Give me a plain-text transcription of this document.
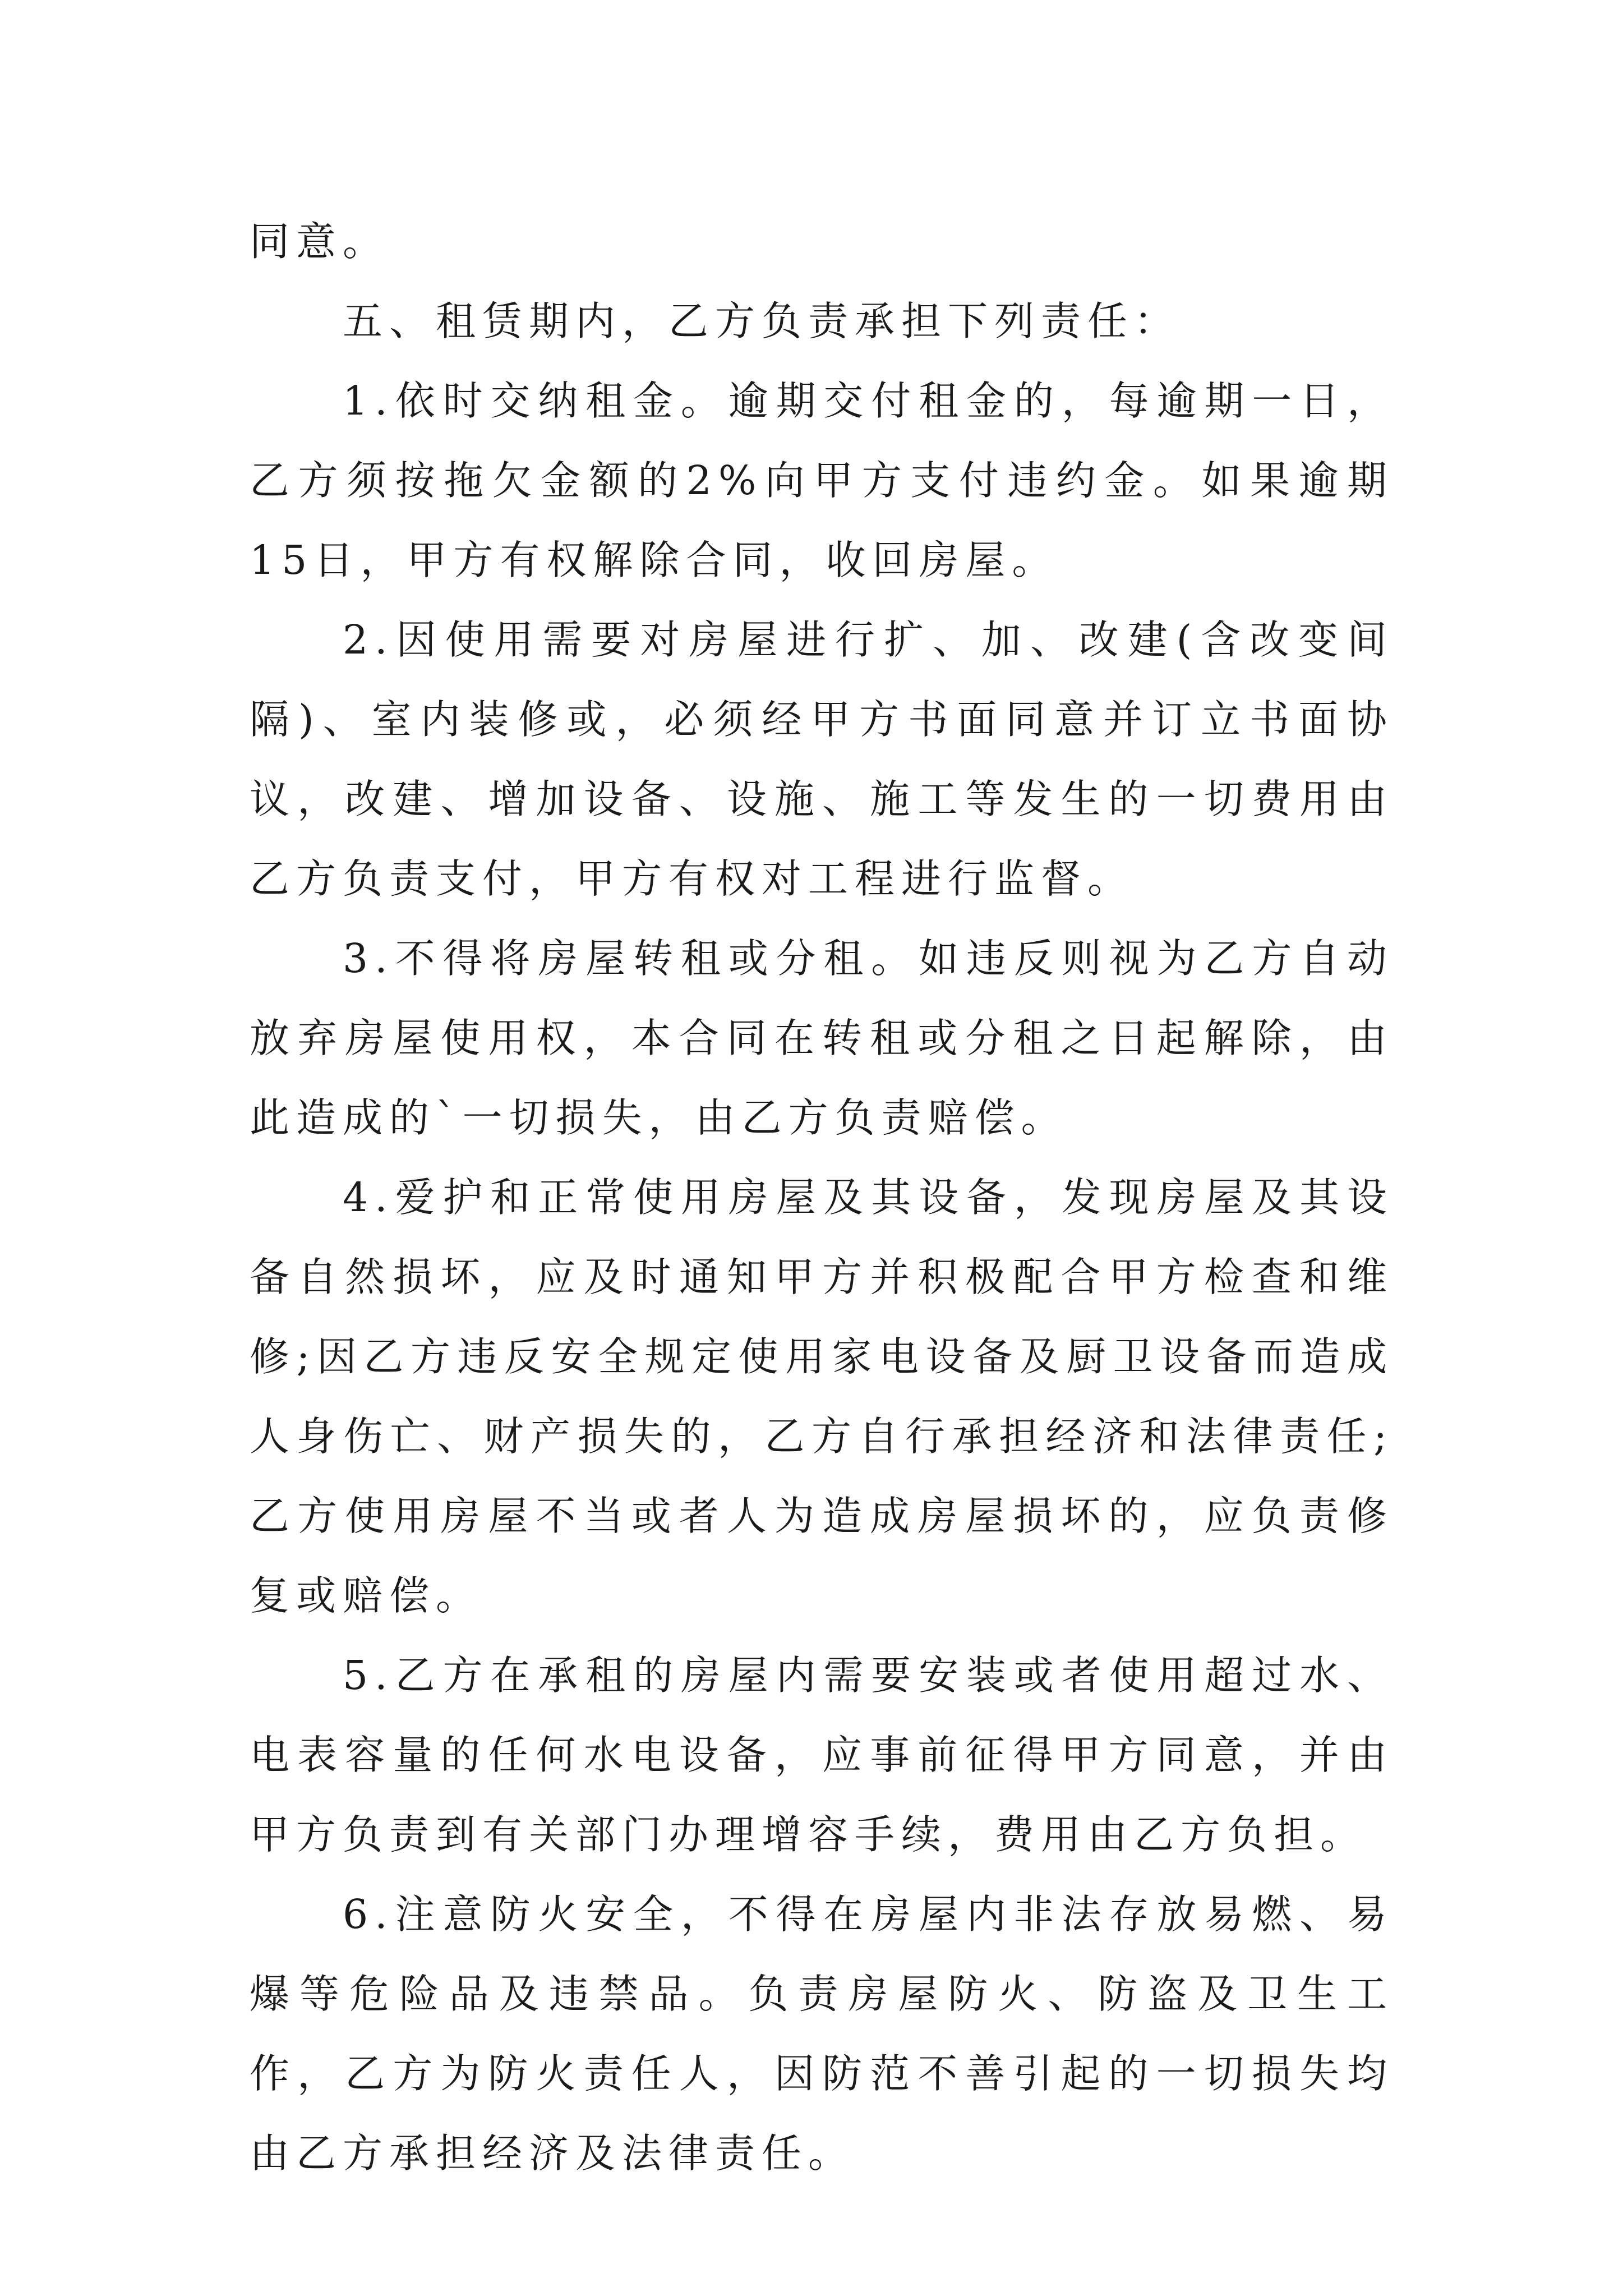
同意。

五、租赁期内，乙方负责承担下列责任：

1.依时交纳租金。逾期交付租金的，每逾期一日，乙方须按拖欠金额的2%向甲方支付违约金。如果逾期15日，甲方有权解除合同，收回房屋。

2.因使用需要对房屋进行扩、加、改建(含改变间隔)、室内装修或，必须经甲方书面同意并订立书面协议，改建、增加设备、设施、施工等发生的一切费用由乙方负责支付，甲方有权对工程进行监督。

3.不得将房屋转租或分租。如违反则视为乙方自动放弃房屋使用权，本合同在转租或分租之日起解除，由此造成的`一切损失，由乙方负责赔偿。

4.爱护和正常使用房屋及其设备，发现房屋及其设备自然损坏，应及时通知甲方并积极配合甲方检查和维修;因乙方违反安全规定使用家电设备及厨卫设备而造成人身伤亡、财产损失的，乙方自行承担经济和法律责任;乙方使用房屋不当或者人为造成房屋损坏的，应负责修复或赔偿。

5.乙方在承租的房屋内需要安装或者使用超过水、电表容量的任何水电设备，应事前征得甲方同意，并由甲方负责到有关部门办理增容手续，费用由乙方负担。

6.注意防火安全，不得在房屋内非法存放易燃、易爆等危险品及违禁品。负责房屋防火、防盗及卫生工作，乙方为防火责任人，因防范不善引起的一切损失均由乙方承担经济及法律责任。
